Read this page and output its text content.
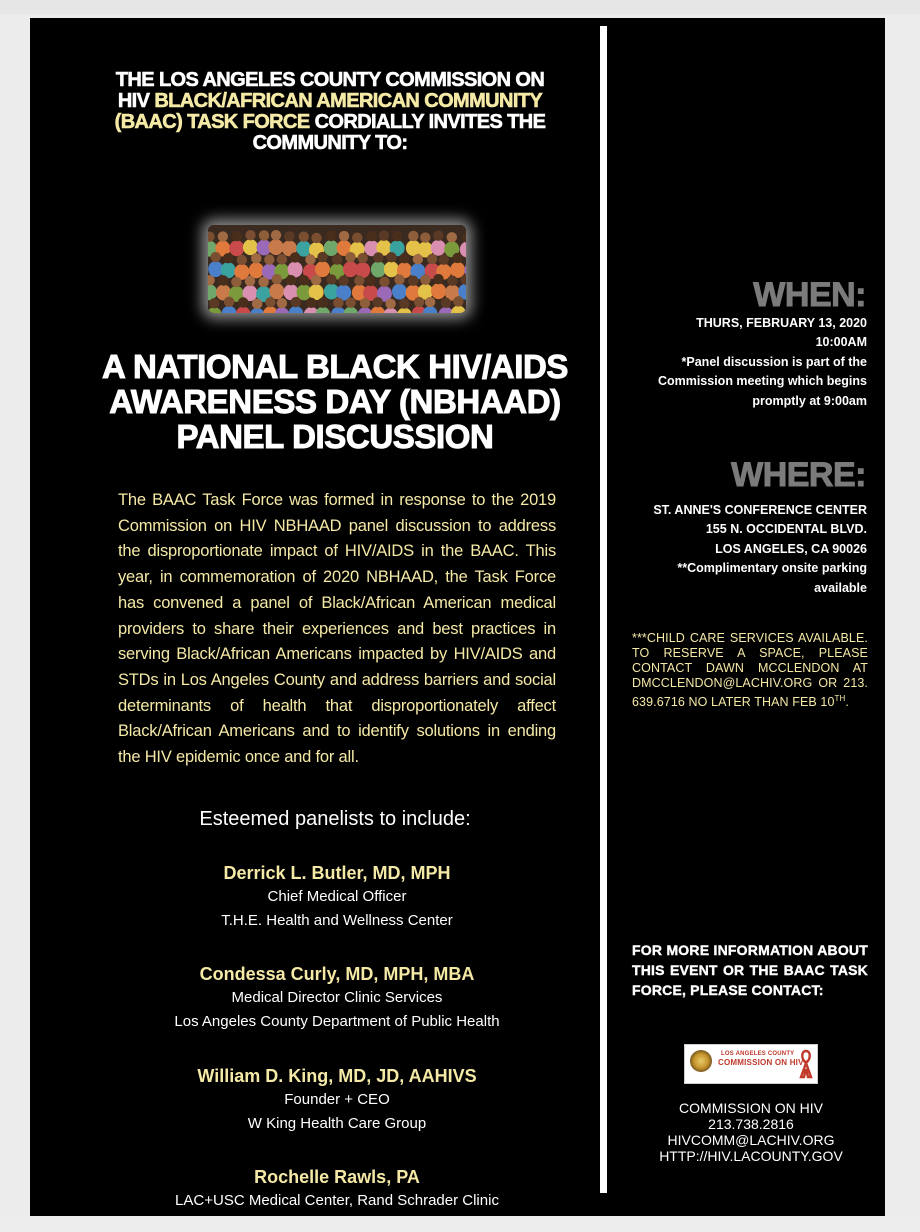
THE LOS ANGELES COUNTY COMMISSION ON
HIV BLACK/AFRICAN AMERICAN COMMUNITY
(BAAC) TASK FORCE CORDIALLY INVITES THE
COMMUNITY TO:
A NATIONAL BLACK HIV/AIDS
AWARENESS DAY (NBHAAD)
PANEL DISCUSSION
The BAAC Task Force was formed in response to the 2019 Commission on HIV NBHAAD panel discussion to address the disproportionate impact of HIV/AIDS in the BAAC. This year, in commemoration of 2020 NBHAAD, the Task Force has convened a panel of Black/African American medical providers to share their experiences and best practices in serving Black/African Americans impacted by HIV/AIDS and STDs in Los Angeles County and address barriers and social determinants of health that disproportionately affect Black/African Americans and to identify solutions in ending the HIV epidemic once and for all.
Esteemed panelists to include:
Derrick L. Butler, MD, MPH
Chief Medical Officer
T.H.E. Health and Wellness Center
Condessa Curly, MD, MPH, MBA
Medical Director Clinic Services
Los Angeles County Department of Public Health
William D. King, MD, JD, AAHIVS
Founder + CEO
W King Health Care Group
Rochelle Rawls, PA
LAC+USC Medical Center, Rand Schrader Clinic
WHEN:
THURS, FEBRUARY 13, 2020
10:00AM
*Panel discussion is part of the
Commission meeting which begins
promptly at 9:00am
WHERE:
ST. ANNE'S CONFERENCE CENTER
155 N. OCCIDENTAL BLVD.
LOS ANGELES, CA 90026
**Complimentary onsite parking
available
***CHILD CARE SERVICES AVAILABLE. TO RESERVE A SPACE, PLEASE CONTACT DAWN MCCLENDON AT DMCCLENDON@LACHIV.ORG OR 213. 639.6716 NO LATER THAN FEB 10TH.
FOR MORE INFORMATION ABOUT THIS EVENT OR THE BAAC TASK FORCE, PLEASE CONTACT:
LOS ANGELES COUNTY
COMMISSION ON HIV
COMMISSION ON HIV
213.738.2816
HIVCOMM@LACHIV.ORG
HTTP://HIV.LACOUNTY.GOV
